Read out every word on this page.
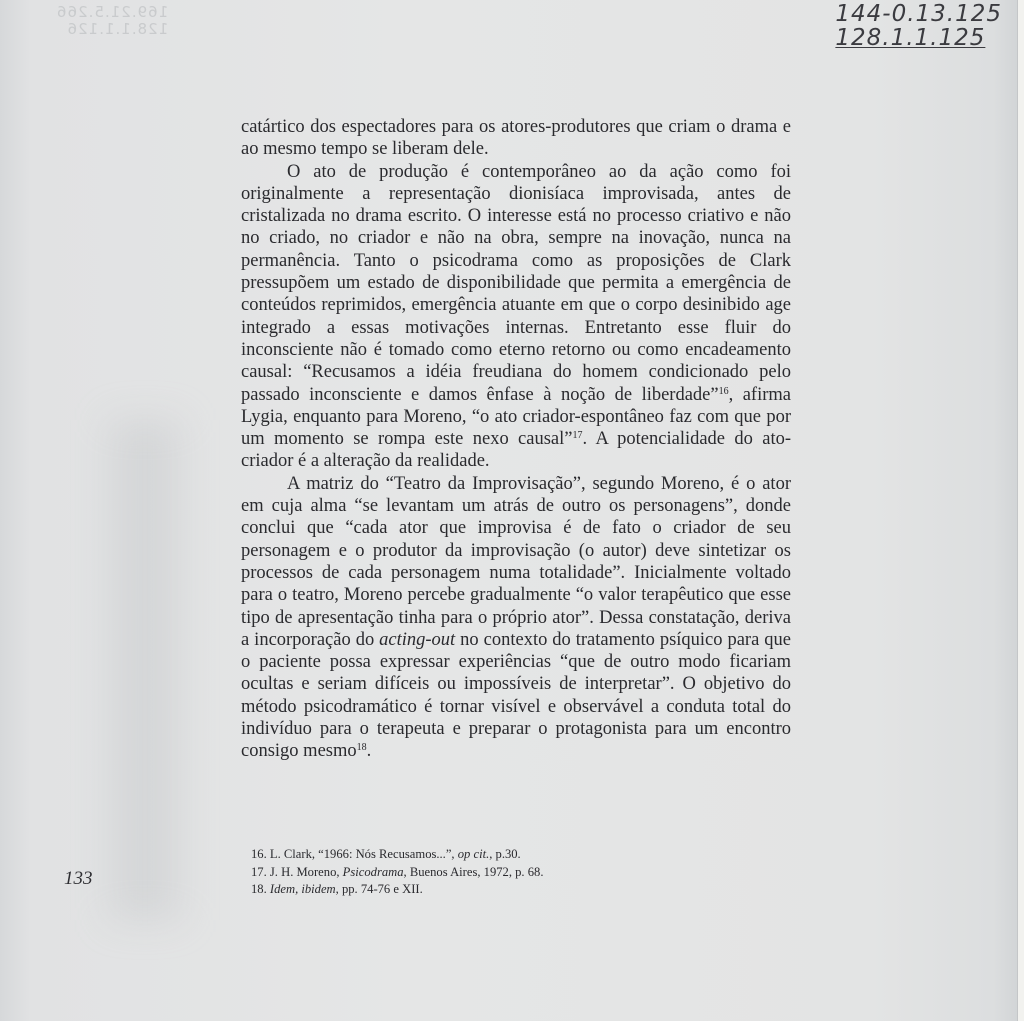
169.21.5.266
128.1.1.126
144-0.13.125
128.1.1.125

catártico dos espectadores para os atores-produtores que criam o drama e ao mesmo tempo se liberam dele.

O ato de produção é contemporâneo ao da ação como foi originalmente a representação dionisíaca improvisada, antes de cristalizada no drama escrito. O interesse está no processo criativo e não no criado, no criador e não na obra, sempre na inovação, nunca na permanência. Tanto o psicodrama como as proposições de Clark pressupõem um estado de disponibilidade que permita a emergência de conteúdos reprimidos, emergência atuante em que o corpo desinibido age integrado a essas motivações internas. Entretanto esse fluir do inconsciente não é tomado como eterno retorno ou como encadeamento causal: “Recusamos a idéia freudiana do homem condicionado pelo passado inconsciente e damos ênfase à noção de liberdade”$^{16}$, afirma Lygia, enquanto para Moreno, “o ato criador-espontâneo faz com que por um momento se rompa este nexo causal”$^{17}$. A potencialidade do ato-criador é a alteração da realidade.

A matriz do “Teatro da Improvisação”, segundo Moreno, é o ator em cuja alma “se levantam um atrás de outro os personagens”, donde conclui que “cada ator que improvisa é de fato o criador de seu personagem e o produtor da improvisação (o autor) deve sintetizar os processos de cada personagem numa totalidade”. Inicialmente voltado para o teatro, Moreno percebe gradualmente “o valor terapêutico que esse tipo de apresentação tinha para o próprio ator”. Dessa constatação, deriva a incorporação do acting-out no contexto do tratamento psíquico para que o paciente possa expressar experiências “que de outro modo ficariam ocultas e seriam difíceis ou impossíveis de interpretar”. O objetivo do método psicodramático é tornar visível e observável a conduta total do indivíduo para o terapeuta e preparar o protagonista para um encontro consigo mesmo$^{18}$.

16. L. Clark, “1966: Nós Recusamos...”, op cit., p.30.
17. J. H. Moreno, Psicodrama, Buenos Aires, 1972, p. 68.
18. Idem, ibidem, pp. 74-76 e XII.
133
